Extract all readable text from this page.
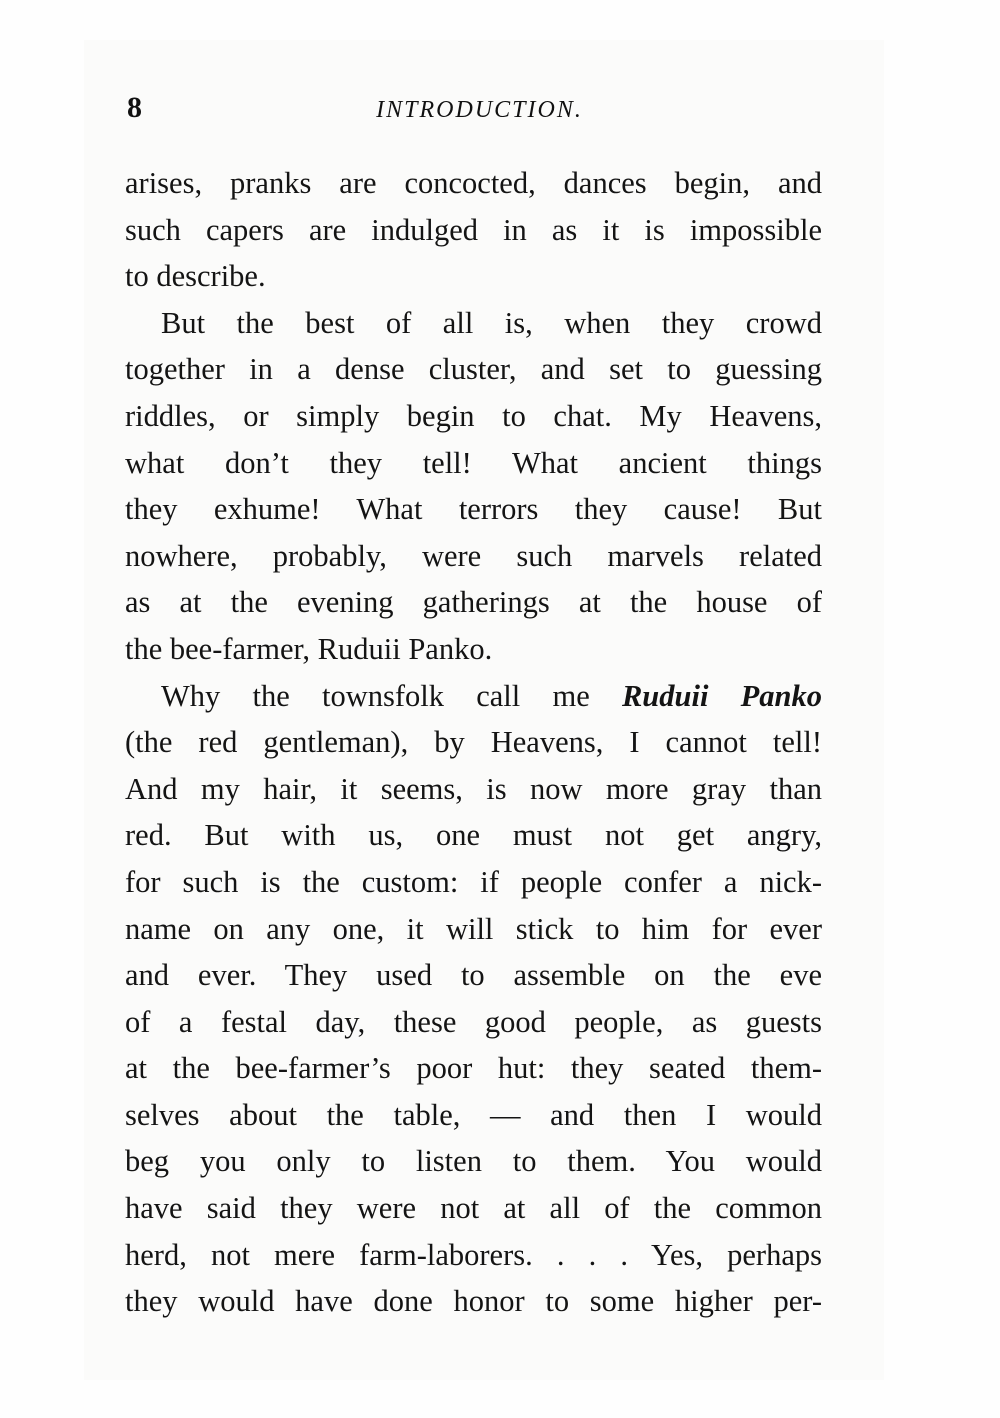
8	INTRODUCTION.
arises, pranks are concocted, dances begin, and
such capers are indulged in as it is impossible
to describe.
But the best of all is, when they crowd
together in a dense cluster, and set to guessing
riddles, or simply begin to chat. My Heavens,
what don’t they tell! What ancient things
they exhume! What terrors they cause! But
nowhere, probably, were such marvels related
as at the evening gatherings at the house of
the bee-farmer, Ruduii Panko.
Why the townsfolk call me Ruduii Panko
(the red gentleman), by Heavens, I cannot tell!
And my hair, it seems, is now more gray than
red. But with us, one must not get angry,
for such is the custom: if people confer a nick-
name on any one, it will stick to him for ever
and ever. They used to assemble on the eve
of a festal day, these good people, as guests
at the bee-farmer’s poor hut: they seated them-
selves about the table, — and then I would
beg you only to listen to them. You would
have said they were not at all of the common
herd, not mere farm-laborers. . . . Yes, perhaps
they would have done honor to some higher per-
